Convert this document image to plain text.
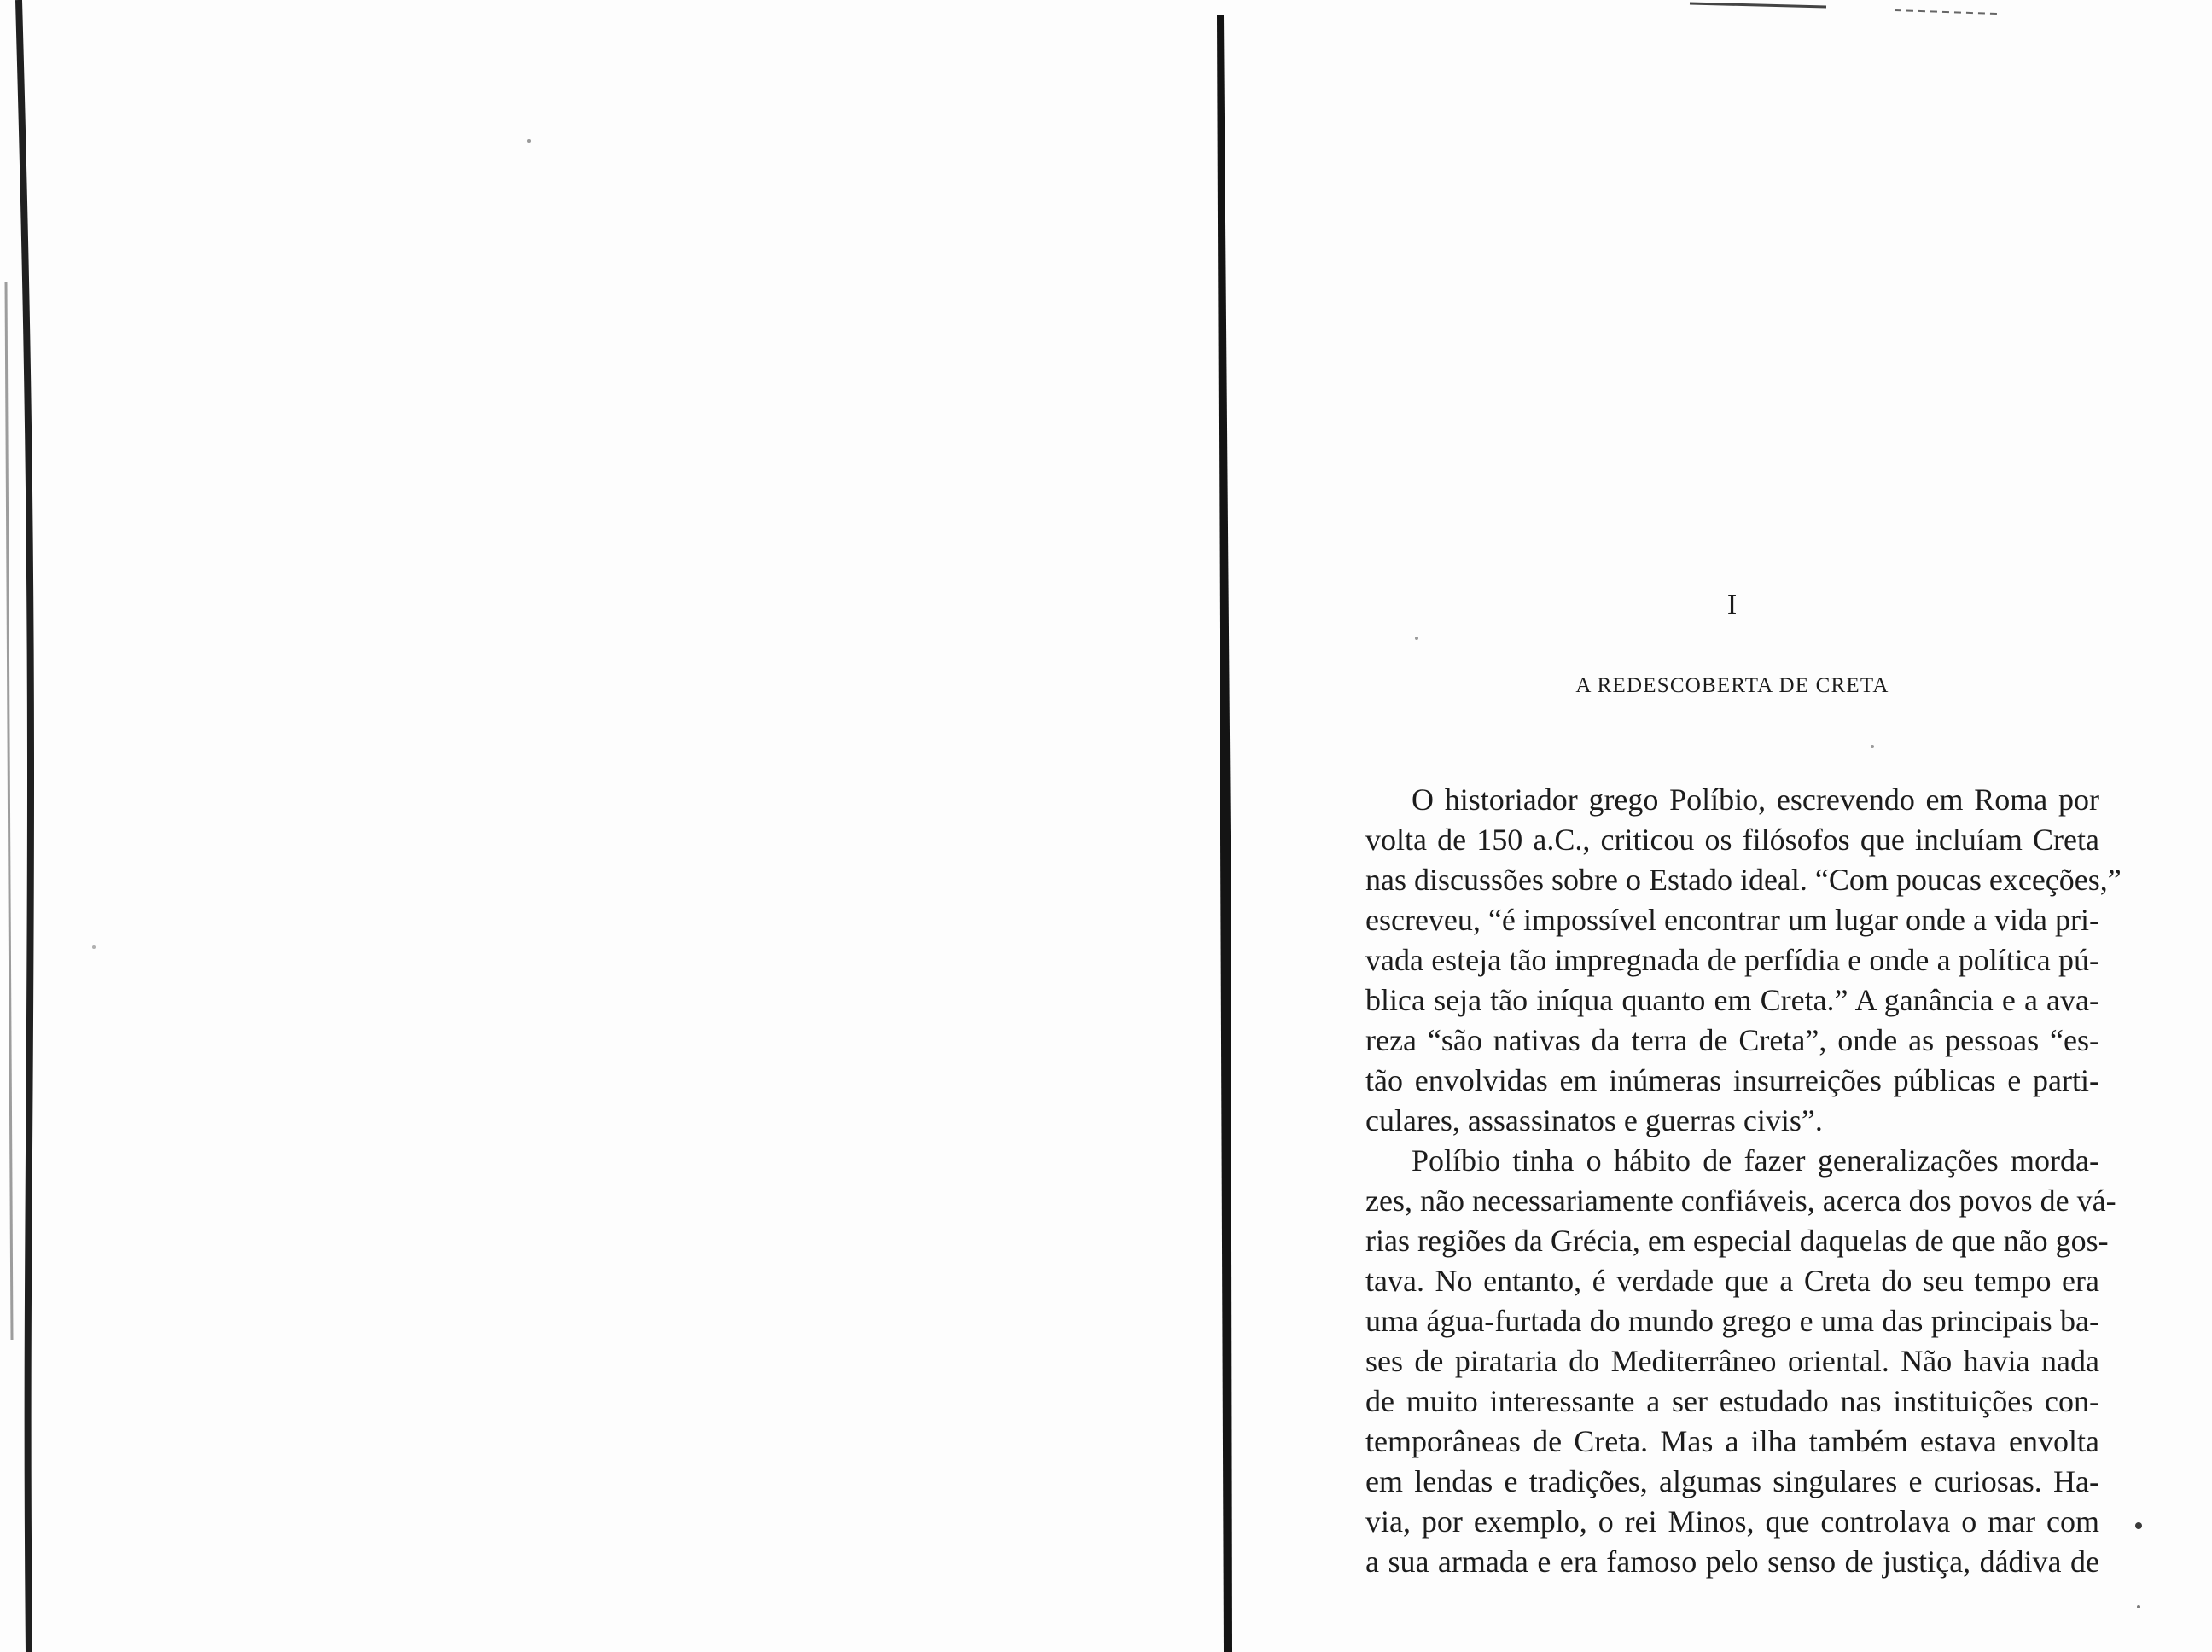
I
A REDESCOBERTA DE CRETA
O historiador grego Políbio, escrevendo em Roma por
volta de 150 a.C., criticou os filósofos que incluíam Creta
nas discussões sobre o Estado ideal. “Com poucas exceções,”
escreveu, “é impossível encontrar um lugar onde a vida pri-
vada esteja tão impregnada de perfídia e onde a política pú-
blica seja tão iníqua quanto em Creta.” A ganância e a ava-
reza “são nativas da terra de Creta”, onde as pessoas “es-
tão envolvidas em inúmeras insurreições públicas e parti-
culares, assassinatos e guerras civis”.
Políbio tinha o hábito de fazer generalizações morda-
zes, não necessariamente confiáveis, acerca dos povos de vá-
rias regiões da Grécia, em especial daquelas de que não gos-
tava. No entanto, é verdade que a Creta do seu tempo era
uma água-furtada do mundo grego e uma das principais ba-
ses de pirataria do Mediterrâneo oriental. Não havia nada
de muito interessante a ser estudado nas instituições con-
temporâneas de Creta. Mas a ilha também estava envolta
em lendas e tradições, algumas singulares e curiosas. Ha-
via, por exemplo, o rei Minos, que controlava o mar com
a sua armada e era famoso pelo senso de justiça, dádiva de
